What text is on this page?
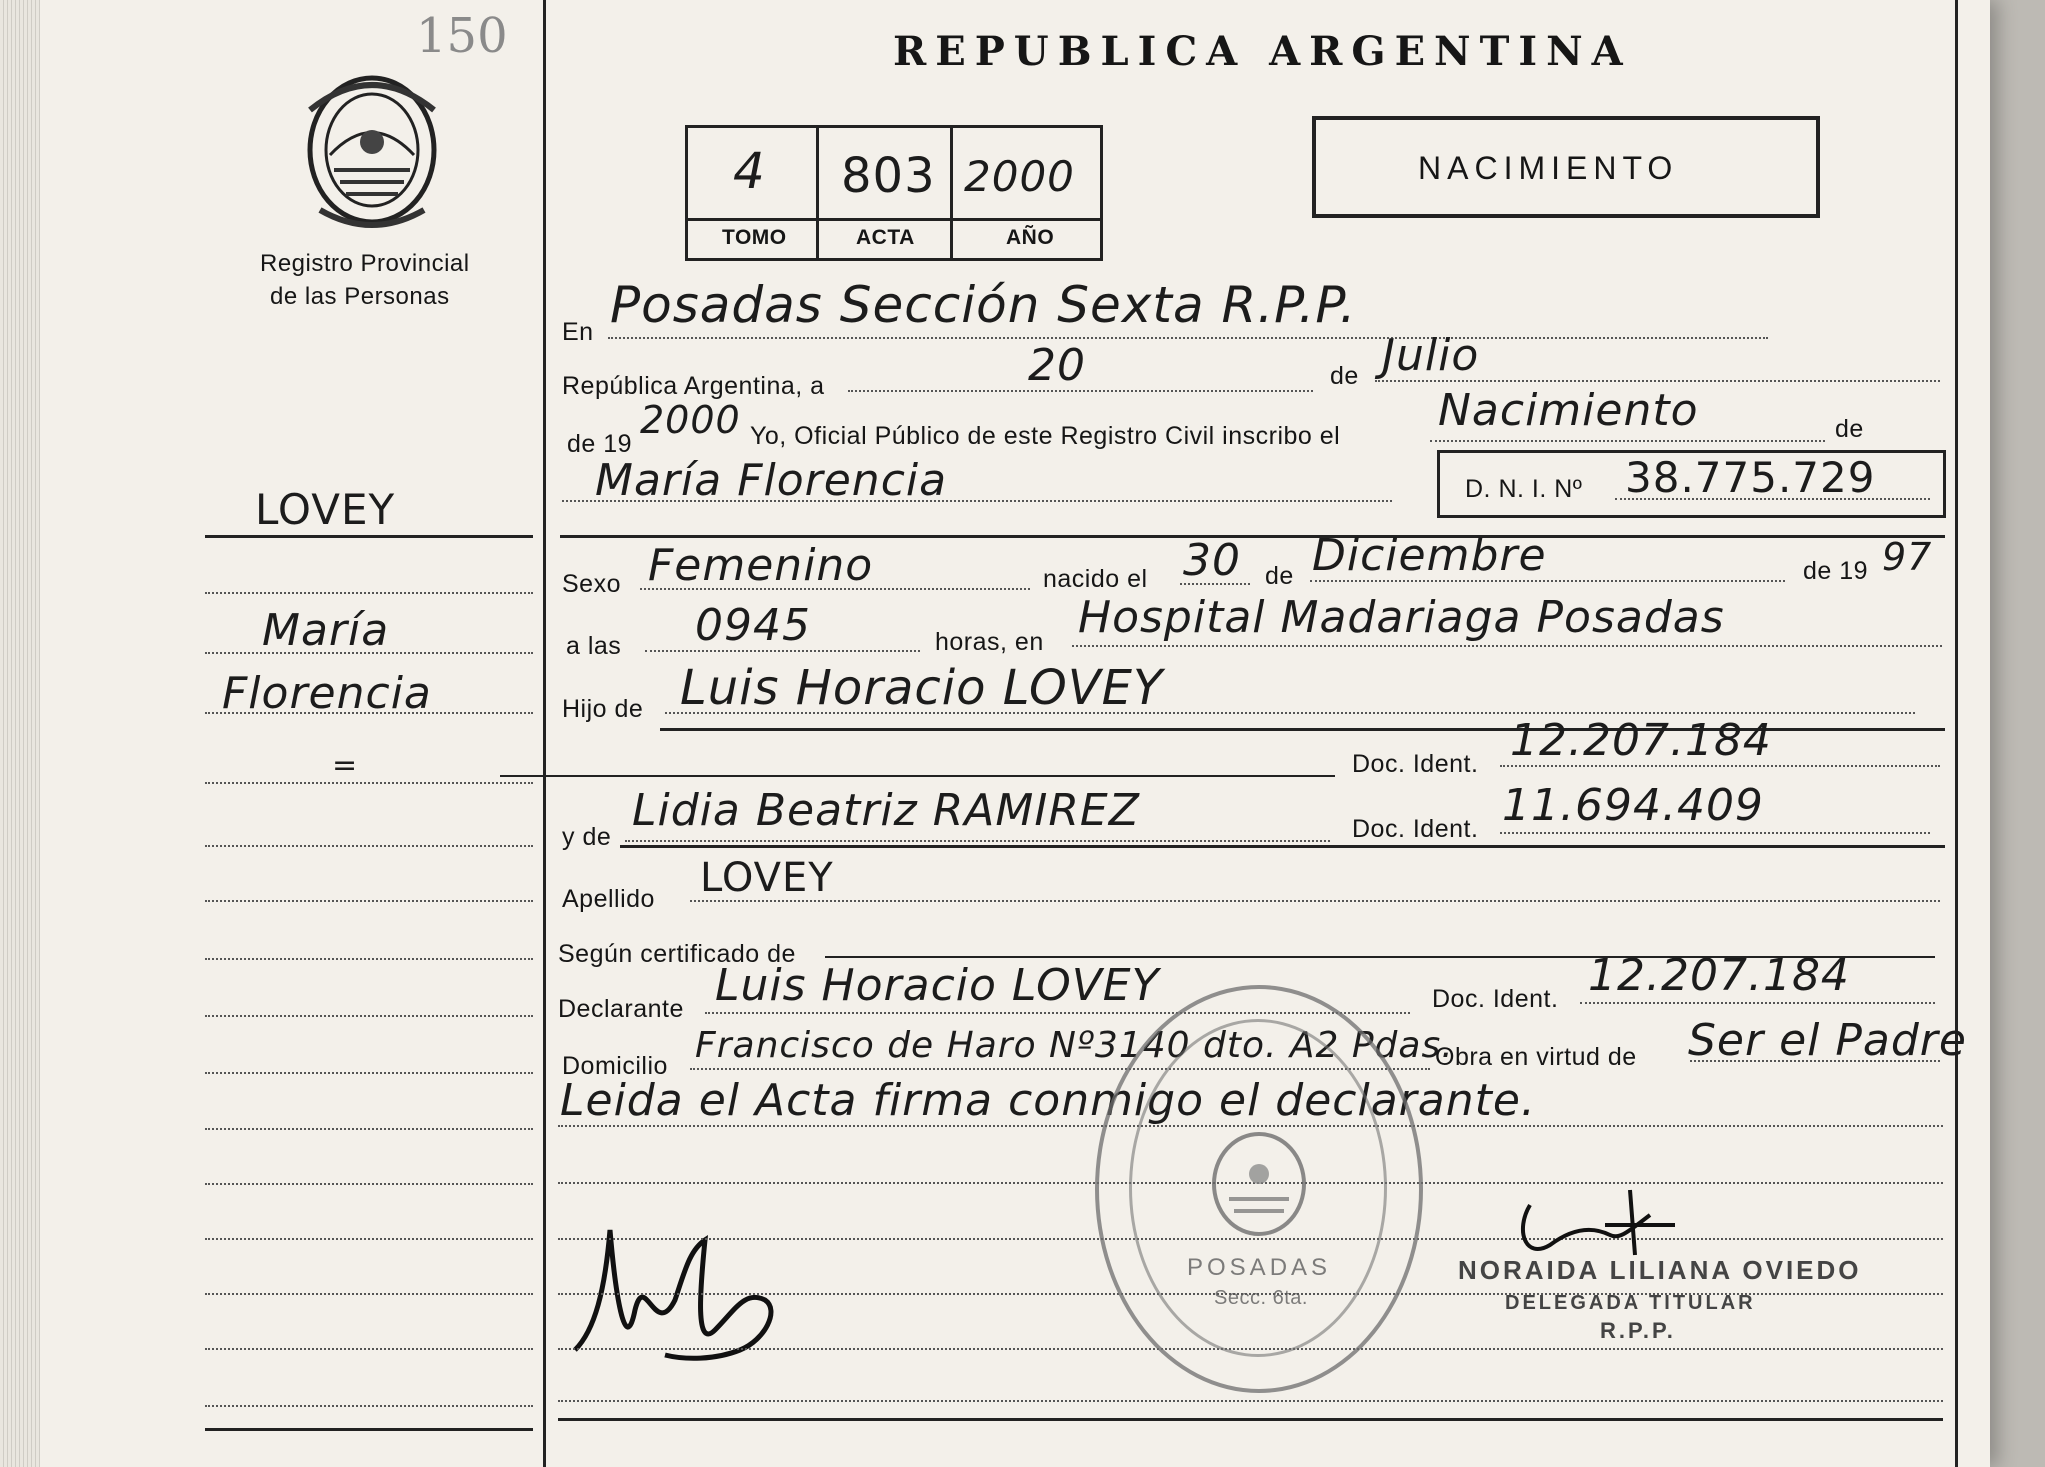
150
Registro Provincial
de las Personas
LOVEY
María
Florencia
=
REPUBLICA ARGENTINA
4 803 2000
TOMO	ACTA	AÑO
NACIMIENTO
En Posadas Sección Sexta R.P.P.
República Argentina, a	20	de Julio
de 19
2000 Yo, Oficial Público de este Registro Civil inscribo el Nacimiento	de
María Florencia	D. N. I. Nº 38.775.729
Sexo Femenino	nacido el 30 de Diciembre	de 19 97
a las 0945	horas, en Hospital Madariaga Posadas
Hijo de Luis Horacio LOVEY
Doc. Ident. 12.207.184
y de
Lidia Beatriz RAMIREZ	Doc. Ident. 11.694.409
Apellido LOVEY
Según certificado de
Declarante Luis Horacio LOVEY	Doc. Ident. 12.207.184
Domicilio Francisco de Haro Nº3140 dto. A2 Pdas.
Obra en virtud de Ser el Padre
Leida el Acta firma conmigo el declarante.
POSADAS
Secc. 6ta.
NORAIDA LILIANA OVIEDO
DELEGADA TITULAR
R.P.P.
